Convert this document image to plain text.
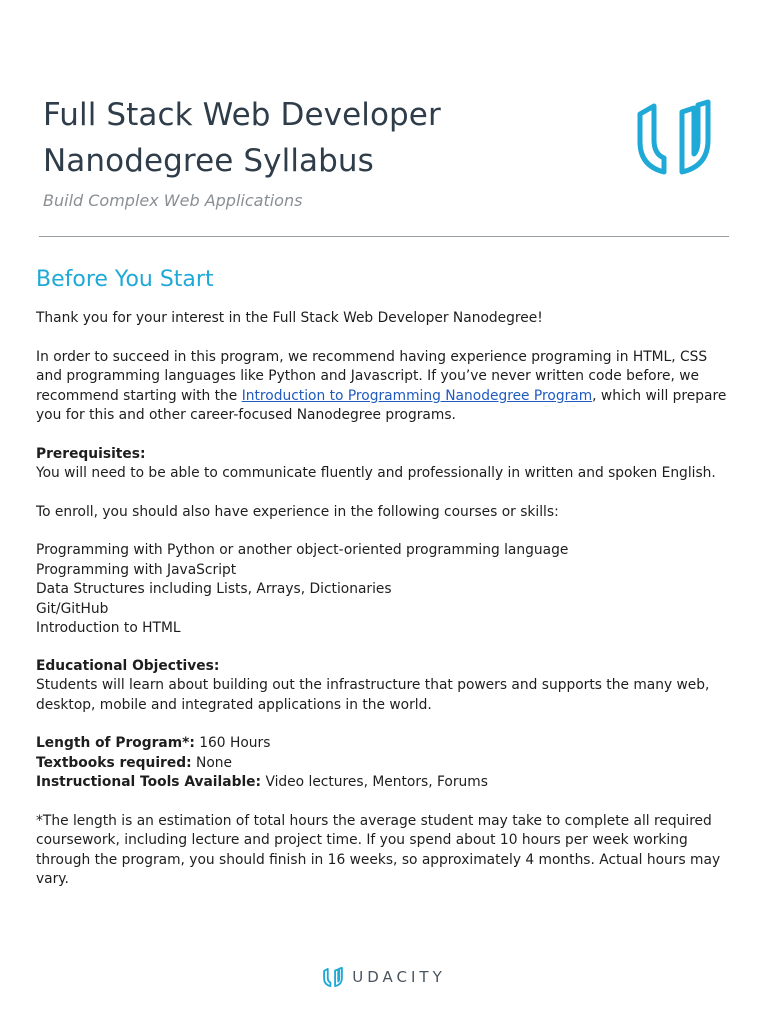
Full Stack Web Developer
Nanodegree Syllabus
Build Complex Web Applications
Before You Start

Thank you for your interest in the Full Stack Web Developer Nanodegree!

In order to succeed in this program, we recommend having experience programing in HTML, CSS and programming languages like Python and Javascript. If you’ve never written code before, we recommend starting with the Introduction to Programming Nanodegree Program, which will prepare you for this and other career-focused Nanodegree programs.

Prerequisites:
You will need to be able to communicate fluently and professionally in written and spoken English.

To enroll, you should also have experience in the following courses or skills:

Programming with Python or another object-oriented programming language
Programming with JavaScript
Data Structures including Lists, Arrays, Dictionaries
Git/GitHub
Introduction to HTML

Educational Objectives:
Students will learn about building out the infrastructure that powers and supports the many web, desktop, mobile and integrated applications in the world.

Length of Program*: 160 Hours
Textbooks required: None
Instructional Tools Available: Video lectures, Mentors, Forums

*The length is an estimation of total hours the average student may take to complete all required coursework, including lecture and project time. If you spend about 10 hours per week working through the program, you should finish in 16 weeks, so approximately 4 months. Actual hours may vary.

UDACITY
